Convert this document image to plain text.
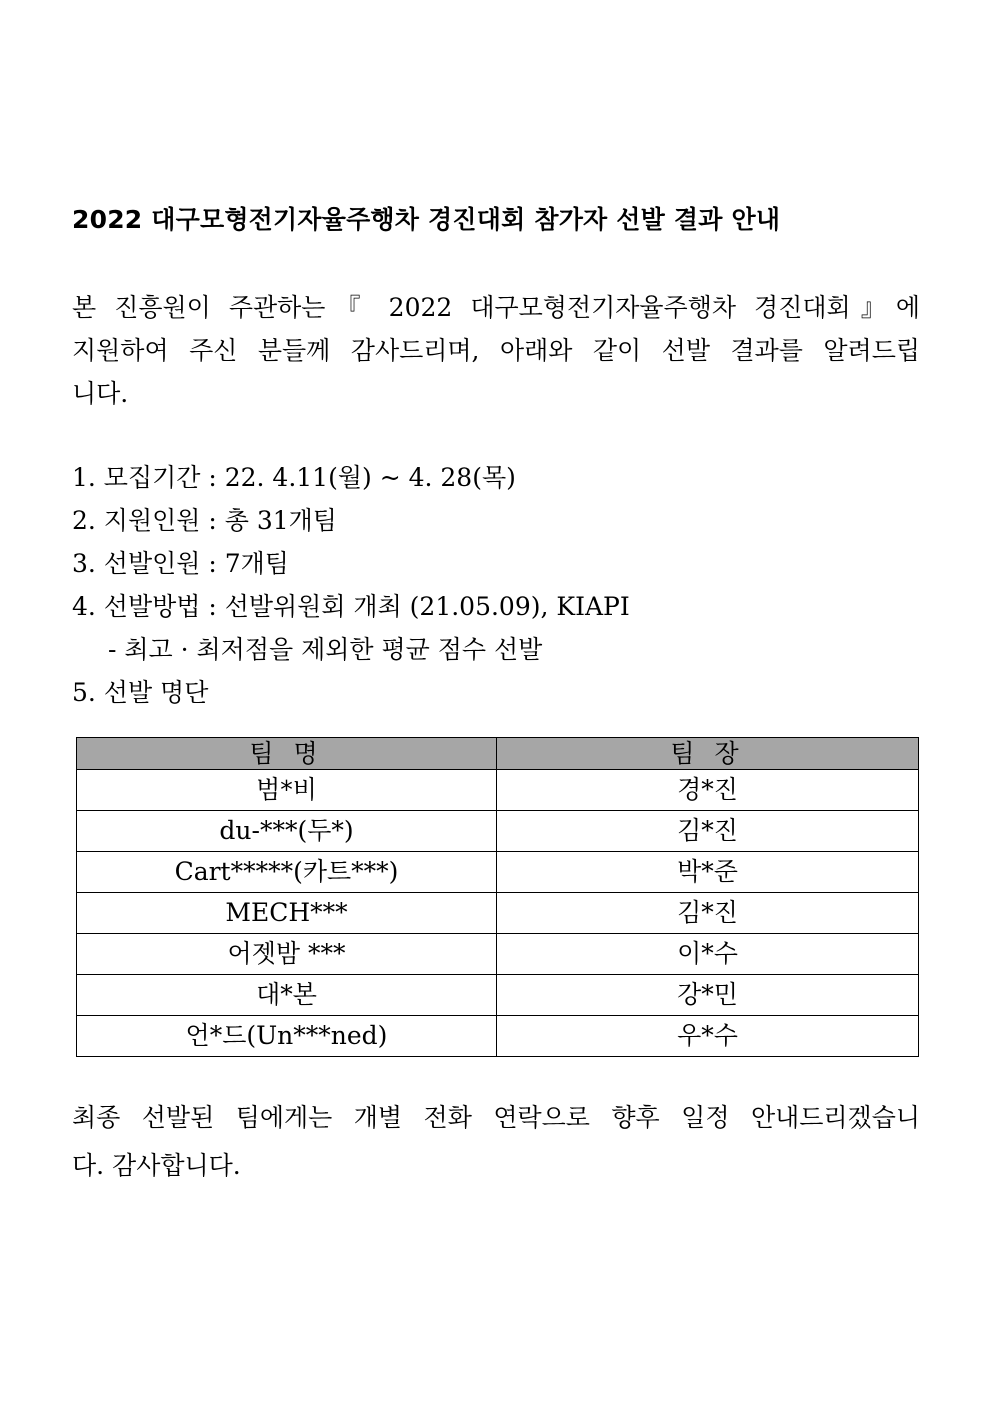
2022 대구모형전기자율주행차 경진대회 참가자 선발 결과 안내
본 진흥원이 주관하는『 2022 대구모형전기자율주행차 경진대회』에
지원하여 주신 분들께 감사드리며, 아래와 같이 선발 결과를 알려드립
니다.
1. 모집기간 : 22. 4.11(월) ~ 4. 28(목)
2. 지원인원 : 총 31개팀
3. 선발인원 : 7개팀
4. 선발방법 : 선발위원회 개최 (21.05.09), KIAPI
- 최고 · 최저점을 제외한 평균 점수 선발
5. 선발 명단
팀 명	팀 장
범*비	경*진
du-***(두*)	김*진
Cart*****(카트***)	박*준
MECH***	김*진
어젯밤 ***	이*수
대*본	강*민
언*드(Un***ned)	우*수
최종 선발된 팀에게는 개별 전화 연락으로 향후 일정 안내드리겠습니
다. 감사합니다.
